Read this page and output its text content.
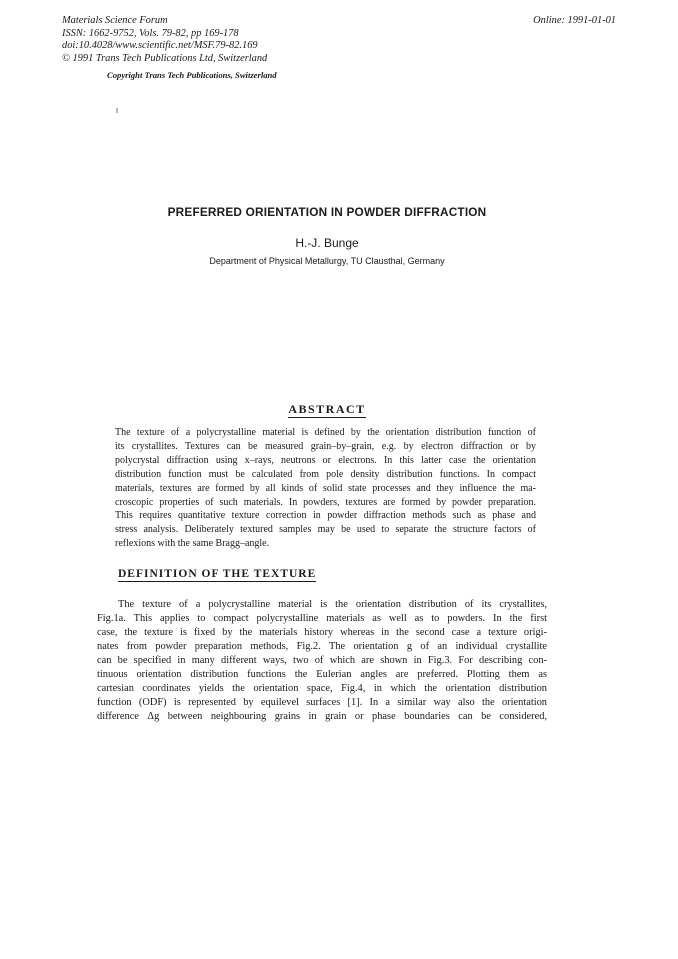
Materials Science Forum
ISSN: 1662-9752, Vols. 79-82, pp 169-178
doi:10.4028/www.scientific.net/MSF.79-82.169
© 1991 Trans Tech Publications Ltd, Switzerland
Online: 1991-01-01
Copyright Trans Tech Publications, Switzerland
PREFERRED ORIENTATION IN POWDER DIFFRACTION
H.-J. Bunge
Department of Physical Metallurgy, TU Clausthal, Germany
ABSTRACT
The texture of a polycrystalline material is defined by the orientation distribution function of
its crystallites. Textures can be measured grain–by–grain, e.g. by electron diffraction or by
polycrystal diffraction using x–rays, neutrons or electrons. In this latter case the orientation
distribution function must be calculated from pole density distribution functions. In compact
materials, textures are formed by all kinds of solid state processes and they influence the ma-
croscopic properties of such materials. In powders, textures are formed by powder preparation.
This requires quantitative texture correction in powder diffraction methods such as phase and
stress analysis. Deliberately textured samples may be used to separate the structure factors of
reflexions with the same Bragg–angle.
DEFINITION OF THE TEXTURE
The texture of a polycrystalline material is the orientation distribution of its crystallites,
Fig.1a. This applies to compact polycrystalline materials as well as to powders. In the first
case, the texture is fixed by the materials history whereas in the second case a texture origi-
nates from powder preparation methods, Fig.2. The orientation g of an individual crystallite
can be specified in many different ways, two of which are shown in Fig.3. For describing con-
tinuous orientation distribution functions the Eulerian angles are preferred. Plotting them as
cartesian coordinates yields the orientation space, Fig.4, in which the orientation distribution
function (ODF) is represented by equilevel surfaces [1]. In a similar way also the orientation
difference Δg between neighbouring grains in grain or phase boundaries can be considered,
